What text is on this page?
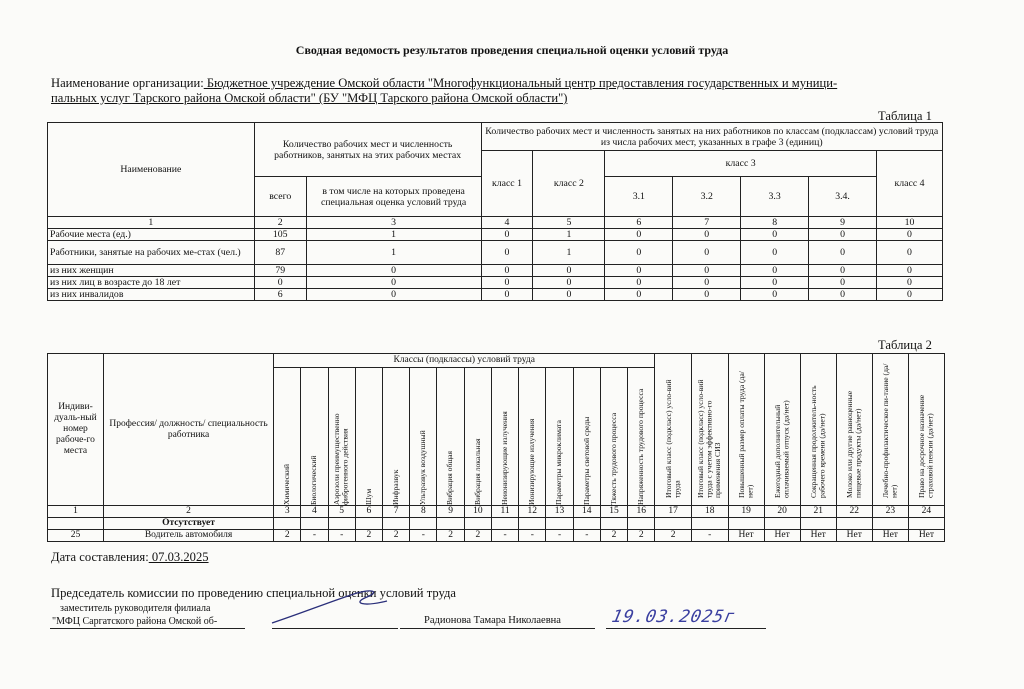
Сводная ведомость результатов проведения специальной оценки условий труда
Наименование организации: Бюджетное учреждение Омской области "Многофункциональный центр предоставления государственных и муници-
пальных услуг Тарского района Омской области" (БУ "МФЦ Тарского района Омской области")
Таблица 1
Наименование	Количество рабочих мест и численность работников, занятых на этих рабочих местах		Количество рабочих мест и численность занятых на них работников по классам (подклассам) условий труда из числа рабочих мест, указанных в графе 3 (единиц)						
			класс 1	класс 2	класс 3				класс 4
	всего	в том числе на которых проведена специальная оценка условий труда			3.1	3.2	3.3	3.4.	
1	2	3	4	5	6	7	8	9	10
Рабочие места (ед.)	105	1	0	1	0	0	0	0	0
Работники, занятые на рабочих ме-стах (чел.)	87	1	0	1	0	0	0	0	0
из них женщин	79	0	0	0	0	0	0	0	0
из них лиц в возрасте до 18 лет	0	0	0	0	0	0	0	0	0
из них инвалидов	6	0	0	0	0	0	0	0	0
Таблица 2
Индиви-дуаль-ный номер рабоче-го места	Профессия/ должность/ специальность работника	Классы (подклассы) условий труда														Итоговый класс (подкласс) усло-вий труда	Итоговый класс (подкласс) усло-вий труда с учетом эффективно-го применения СИЗ	Повышенный размер оплаты труда (да/нет)	Ежегодный дополнительный оплачиваемый отпуск (да/нет)	Сокращенная продолжитель-ность рабочего времени (да/нет)	Молоко или другие равноценные пищевые продукты (да/нет)	Лечебно-профилактическое пи-тание (да/нет)	Право на досрочное назначение страховой пенсии (да/нет)

		Химический	Биологический	Аэрозоли преимущественно фиброгенного действия	Шум	Инфразвук	Ультразвук воздушный	Вибрация общая	Вибрация локальная	Неионизирующие излучения	Ионизирующие излучения	Параметры микроклимата	Параметры световой среды	Тяжесть трудового процесса	Напряженность трудового процесса								

1	2	3	4	5	6	7	8	9	10	11	12	13	14	15	16	17	18	19	20	21	22	23	24
	Отсутствует																						
25	Водитель автомобиля	2	-	-	2	2	-	2	2	-	-	-	-	2	2	2	-	Нет	Нет	Нет	Нет	Нет	Нет
Дата составления: 07.03.2025
Председатель комиссии по проведению специальной оценки условий труда
заместитель руководителя филиала
"МФЦ Саргатского района Омской об-	Радионова Тамара Николаевна	19.03.2025г
